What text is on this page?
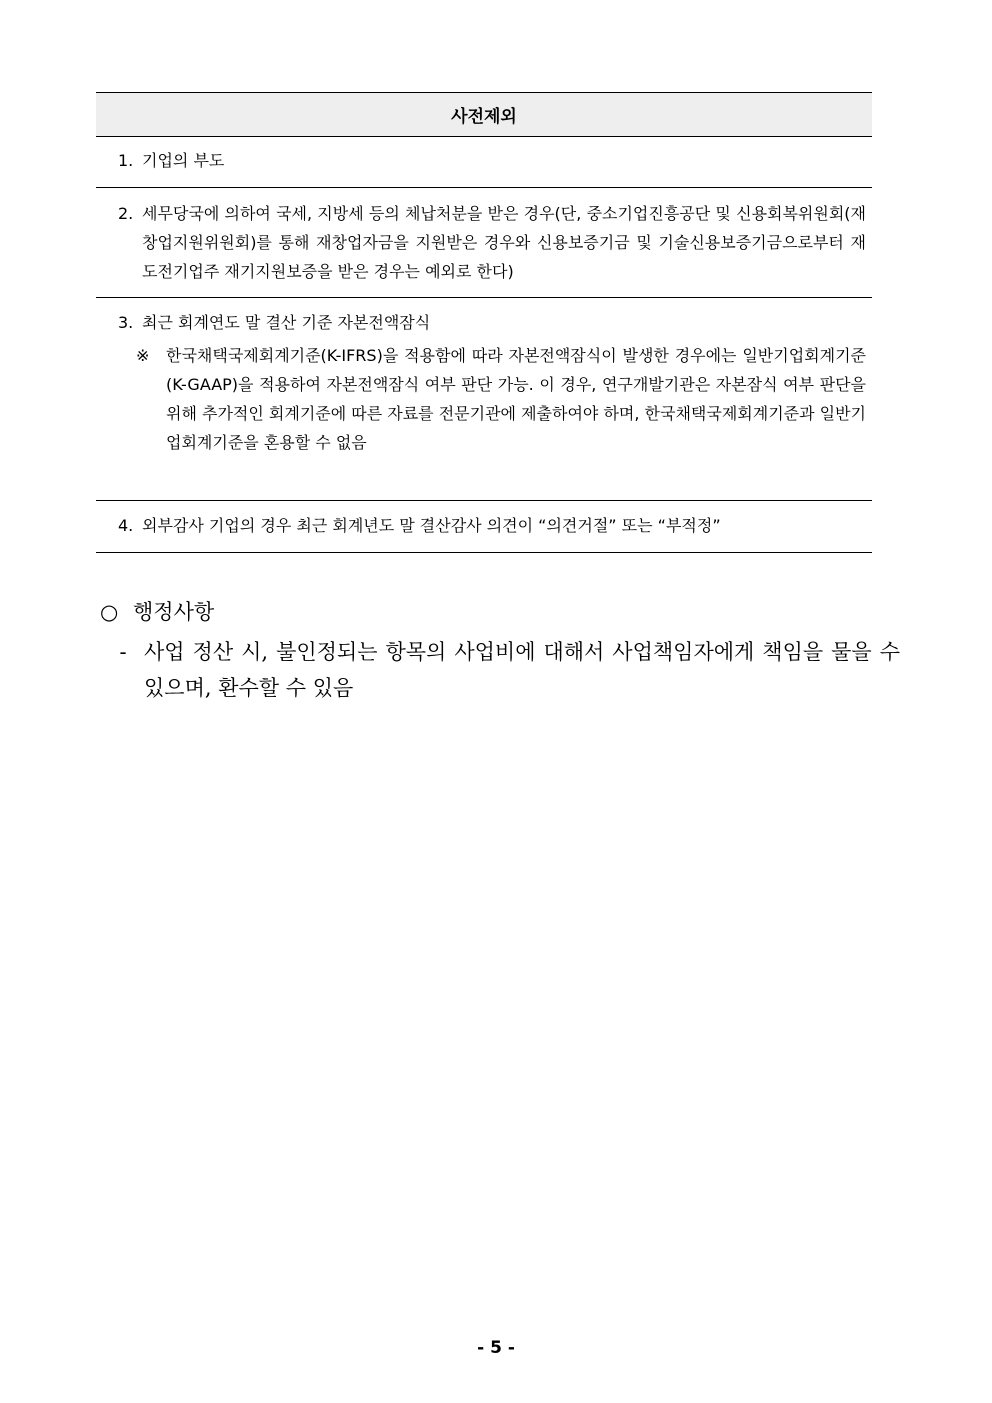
사전제외
1. 기업의 부도
2. 세무당국에 의하여 국세, 지방세 등의 체납처분을 받은 경우(단, 중소기업진흥공단 및 신용회복위원회(재창업지원위원회)를 통해 재창업자금을 지원받은 경우와 신용보증기금 및 기술신용보증기금으로부터 재도전기업주 재기지원보증을 받은 경우는 예외로 한다)
3. 최근 회계연도 말 결산 기준 자본전액잠식
※	한국채택국제회계기준(K-IFRS)을 적용함에 따라 자본전액잠식이 발생한 경우에는 일반기업회계기준(K-GAAP)을 적용하여 자본전액잠식 여부 판단 가능. 이 경우, 연구개발기관은 자본잠식 여부 판단을 위해 추가적인 회계기준에 따른 자료를 전문기관에 제출하여야 하며, 한국채택국제회계기준과 일반기업회계기준을 혼용할 수 없음
4. 외부감사 기업의 경우 최근 회계년도 말 결산감사 의견이 “의견거절” 또는 “부적정”
○ 행정사항
- 사업 정산 시, 불인정되는 항목의 사업비에 대해서 사업책임자에게 책임을 물을 수 있으며, 환수할 수 있음
- 5 -
